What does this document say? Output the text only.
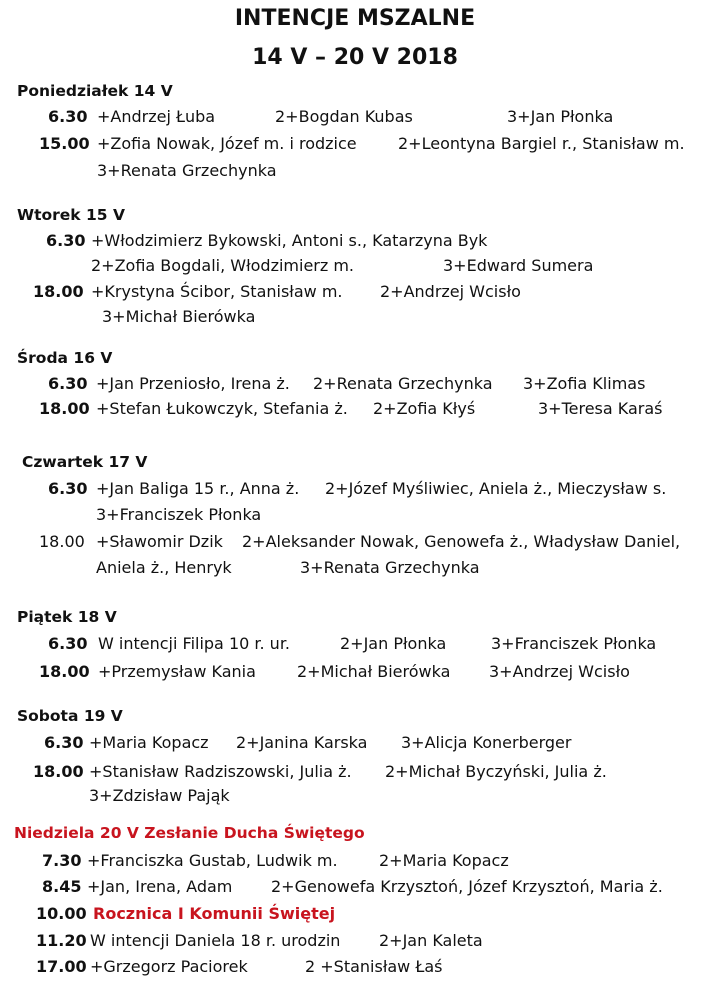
INTENCJE MSZALNE
14 V – 20 V 2018
Poniedziałek 14 V
6.30 +Andrzej Łuba	2+Bogdan Kubas	3+Jan Płonka
15.00 +Zofia Nowak, Józef m. i rodzice	2+Leontyna Bargiel r., Stanisław m.
3+Renata Grzechynka
Wtorek 15 V
6.30 +Włodzimierz Bykowski, Antoni s., Katarzyna Byk
2+Zofia Bogdali, Włodzimierz m.	3+Edward Sumera
18.00 +Krystyna Ścibor, Stanisław m. 2+Andrzej Wcisło
3+Michał Bierówka
Środa 16 V
6.30 +Jan Przeniosło, Irena ż. 2+Renata Grzechynka 3+Zofia Klimas
18.00 +Stefan Łukowczyk, Stefania ż. 2+Zofia Kłyś	3+Teresa Karaś
Czwartek 17 V
6.30 +Jan Baliga 15 r., Anna ż. 2+Józef Myśliwiec, Aniela ż., Mieczysław s.
3+Franciszek Płonka
18.00 +Sławomir Dzik 2+Aleksander Nowak, Genowefa ż., Władysław Daniel,
Aniela ż., Henryk	3+Renata Grzechynka
Piątek 18 V
6.30 W intencji Filipa 10 r. ur.	2+Jan Płonka	3+Franciszek Płonka
18.00 +Przemysław Kania	2+Michał Bierówka 3+Andrzej Wcisło
Sobota 19 V
6.30 +Maria Kopacz 2+Janina Karska 3+Alicja Konerberger
18.00 +Stanisław Radziszowski, Julia ż. 2+Michał Byczyński, Julia ż.
3+Zdzisław Pająk
Niedziela 20 V Zesłanie Ducha Świętego
7.30 +Franciszka Gustab, Ludwik m.	2+Maria Kopacz
8.45 +Jan, Irena, Adam 2+Genowefa Krzysztoń, Józef Krzysztoń, Maria ż.
10.00 Rocznica I Komunii Świętej
11.20 W intencji Daniela 18 r. urodzin 2+Jan Kaleta
17.00 +Grzegorz Paciorek	2 +Stanisław Łaś
